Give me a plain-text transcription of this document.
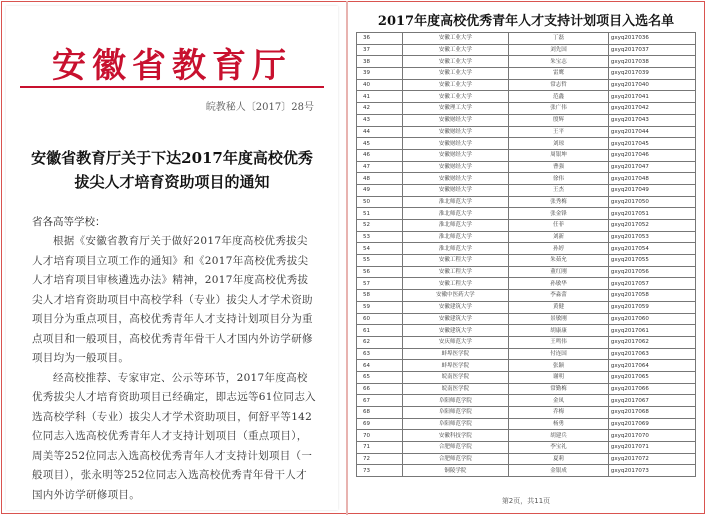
安徽省教育厅
皖教秘人〔2017〕28号
安徽省教育厅关于下达2017年度高校优秀
拔尖人才培育资助项目的通知
省各高等学校：

根据《安徽省教育厅关于做好2017年度高校优秀拔尖人才培育项目立项工作的通知》和《2017年高校优秀拔尖人才培育项目审核遴选办法》精神，2017年度高校优秀拔尖人才培育资助项目中高校学科（专业）拔尖人才学术资助项目分为重点项目，高校优秀青年人才支持计划项目分为重点项目和一般项目，高校优秀青年骨干人才国内外访学研修项目均为一般项目。

经高校推荐、专家审定、公示等环节，2017年度高校优秀拔尖人才培育资助项目已经确定，即志远等61位同志入选高校学科（专业）拔尖人才学术资助项目，何舒平等142位同志入选高校优秀青年人才支持计划项目（重点项目），周美等252位同志入选高校优秀青年人才支持计划项目（一般项目），张永明等252位同志入选高校优秀青年骨干人才国内外访学研修项目。

2017年度高校优秀青年人才支持计划项目入选名单
36	安徽工业大学	丁磊	gxyq2017036
37	安徽工业大学	刘先国	gxyq2017037
38	安徽工业大学	朱宝志	gxyq2017038
39	安徽工业大学	雷鹰	gxyq2017039
40	安徽工业大学	常志哲	gxyq2017040
41	安徽工业大学	范鑫	gxyq2017041
42	安徽理工大学	张广伟	gxyq2017042
43	安徽财经大学	殷辉	gxyq2017043
44	安徽财经大学	王平	gxyq2017044
45	安徽财经大学	刘琼	gxyq2017045
46	安徽财经大学	周银坤	gxyq2017046
47	安徽财经大学	曹强	gxyq2017047
48	安徽财经大学	徐伟	gxyq2017048
49	安徽财经大学	王杰	gxyq2017049
50	淮北师范大学	张秀梅	gxyq2017050
51	淮北师范大学	张金锋	gxyq2017051
52	淮北师范大学	任菲	gxyq2017052
53	淮北师范大学	刘新	gxyq2017053
54	淮北师范大学	孙婷	gxyq2017054
55	安徽工程大学	朱茹允	gxyq2017055
56	安徽工程大学	董红刚	gxyq2017056
57	安徽工程大学	孙敏华	gxyq2017057
58	安徽中医药大学	李淼蕾	gxyq2017058
59	安徽建筑大学	黄健	gxyq2017059
60	安徽建筑大学	景敏刚	gxyq2017060
61	安徽建筑大学	胡康康	gxyq2017061
62	安庆师范大学	王鸣伟	gxyq2017062
63	蚌埠医学院	付连国	gxyq2017063
64	蚌埠医学院	张颖	gxyq2017064
65	皖南医学院	谢明	gxyq2017065
66	皖南医学院	常勤梅	gxyq2017066
67	阜阳师范学院	金凤	gxyq2017067
68	阜阳师范学院	乔梅	gxyq2017068
69	阜阳师范学院	杨勇	gxyq2017069
70	安徽科技学院	胡建兵	gxyq2017070
71	合肥师范学院	李宝礼	gxyq2017071
72	合肥师范学院	夏莉	gxyq2017072
73	铜陵学院	金银成	gxyq2017073
第2页，共11页
